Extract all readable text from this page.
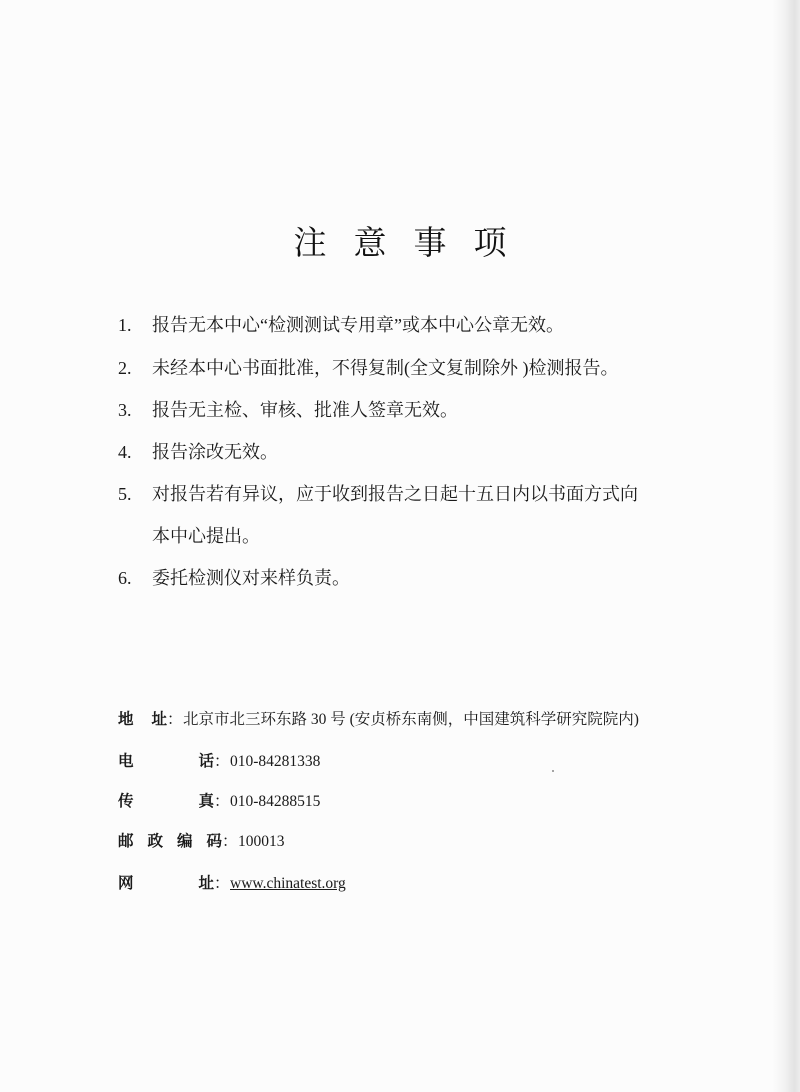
注意事项
1.	报告无本中心“检测测试专用章”或本中心公章无效。
2.	未经本中心书面批准，不得复制(全文复制除外 )检测报告。
3.	报告无主检、审核、批准人签章无效。
4.	报告涂改无效。
5.	对报告若有异议，应于收到报告之日起十五日内以书面方式向
本中心提出。
6.	委托检测仪对来样负责。
地 址 ： 北京市北三环东路 30 号 (安贞桥东南侧，中国建筑科学研究院院内)
电	话 ： 010-84281338
传	真 ： 010-84288515
邮 政 编 码 ： 100013
网	址 ： www.chinatest.org
